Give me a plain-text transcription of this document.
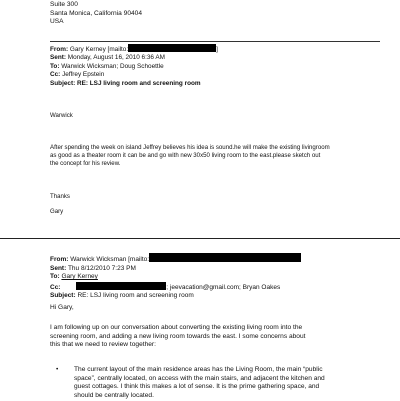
Suite 300
Santa Monica, California 90404
USA
From: Gary Kerney [mailto:	]
Sent: Monday, August 16, 2010 6:36 AM
To: Warwick Wicksman; Doug Schoettle
Cc: Jeffrey Epstein
Subject: RE: LSJ living room and screening room
Warwick
After spending the week on island Jeffrey believes his idea is sound.he will make the existing livingroom
as good as a theater room it can be and go with new 30x50 living room to the east.please sketch out
the concept for his review.
Thanks
Gary
From: Warwick Wicksman [mailto:
Sent: Thu 8/12/2010 7:23 PM
To: Gary Kerney
Cc:	; jeevacation@gmail.com; Bryan Oakes
Subject: RE: LSJ living room and screening room
Hi Gary,
I am following up on our conversation about converting the existing living room into the
screening room, and adding a new living room towards the east. I some concerns about
this that we need to review together:
• The current layout of the main residence areas has the Living Room, the main “public
space”, centrally located, on access with the main stairs, and adjacent the kitchen and
guest cottages. I think this makes a lot of sense. It is the prime gathering space, and
should be centrally located.
